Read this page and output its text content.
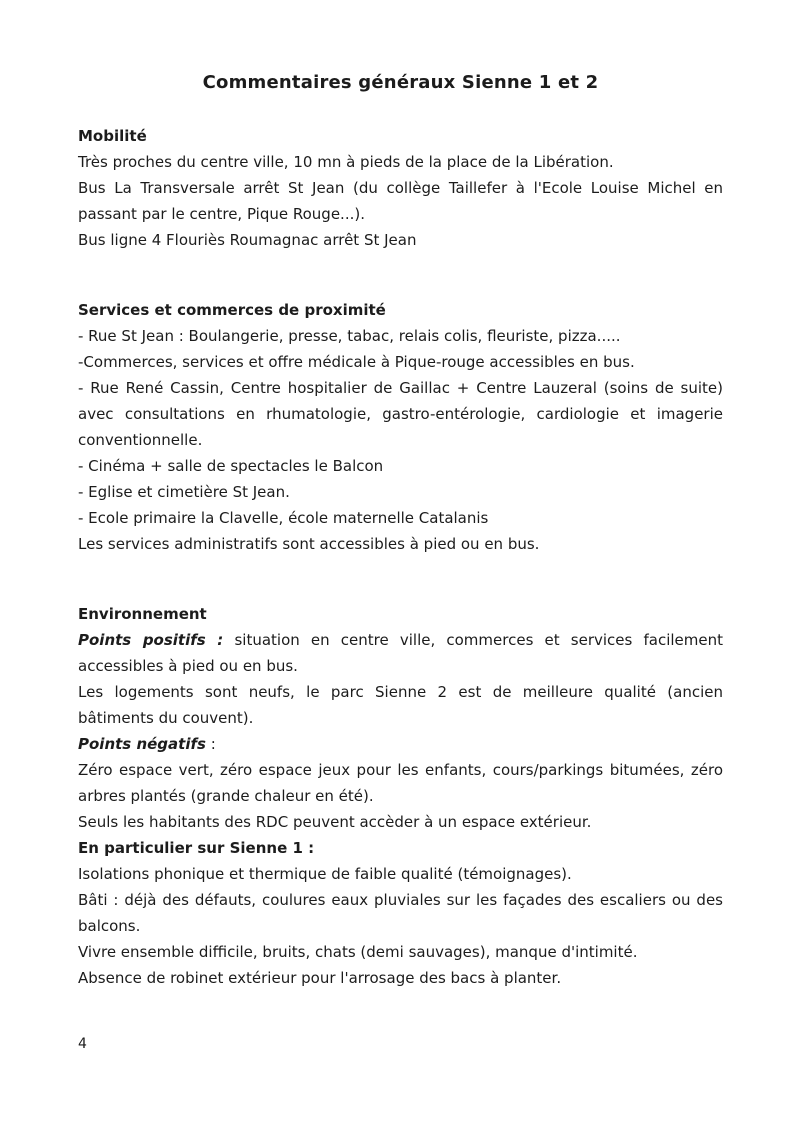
Commentaires généraux Sienne 1 et 2

Mobilité

Très proches du centre ville, 10 mn à pieds de la place de la Libération.

Bus La Transversale arrêt St Jean (du collège Taillefer à l'Ecole Louise Michel en passant par le centre, Pique Rouge...).

Bus ligne 4 Flouriès Roumagnac arrêt St Jean

Services et commerces de proximité

- Rue St Jean : Boulangerie, presse, tabac, relais colis, fleuriste, pizza.....

-Commerces, services et offre médicale à Pique-rouge accessibles en bus.

- Rue René Cassin, Centre hospitalier de Gaillac + Centre Lauzeral (soins de suite) avec consultations en rhumatologie, gastro-entérologie, cardiologie et imagerie conventionnelle.

- Cinéma + salle de spectacles le Balcon

- Eglise et cimetière St Jean.

- Ecole primaire la Clavelle, école maternelle Catalanis

Les services administratifs sont accessibles à pied ou en bus.

Environnement

Points positifs : situation en centre ville, commerces et services facilement accessibles à pied ou en bus.

Les logements sont neufs, le parc Sienne 2 est de meilleure qualité (ancien bâtiments du couvent).

Points négatifs :

Zéro espace vert, zéro espace jeux pour les enfants, cours/parkings bitumées, zéro arbres plantés (grande chaleur en été).

Seuls les habitants des RDC peuvent accèder à un espace extérieur.

En particulier sur Sienne 1 :

Isolations phonique et thermique de faible qualité (témoignages).

Bâti : déjà des défauts, coulures eaux pluviales sur les façades des escaliers ou des balcons.

Vivre ensemble difficile, bruits, chats (demi sauvages), manque d'intimité.

Absence de robinet extérieur pour l'arrosage des bacs à planter.

4
